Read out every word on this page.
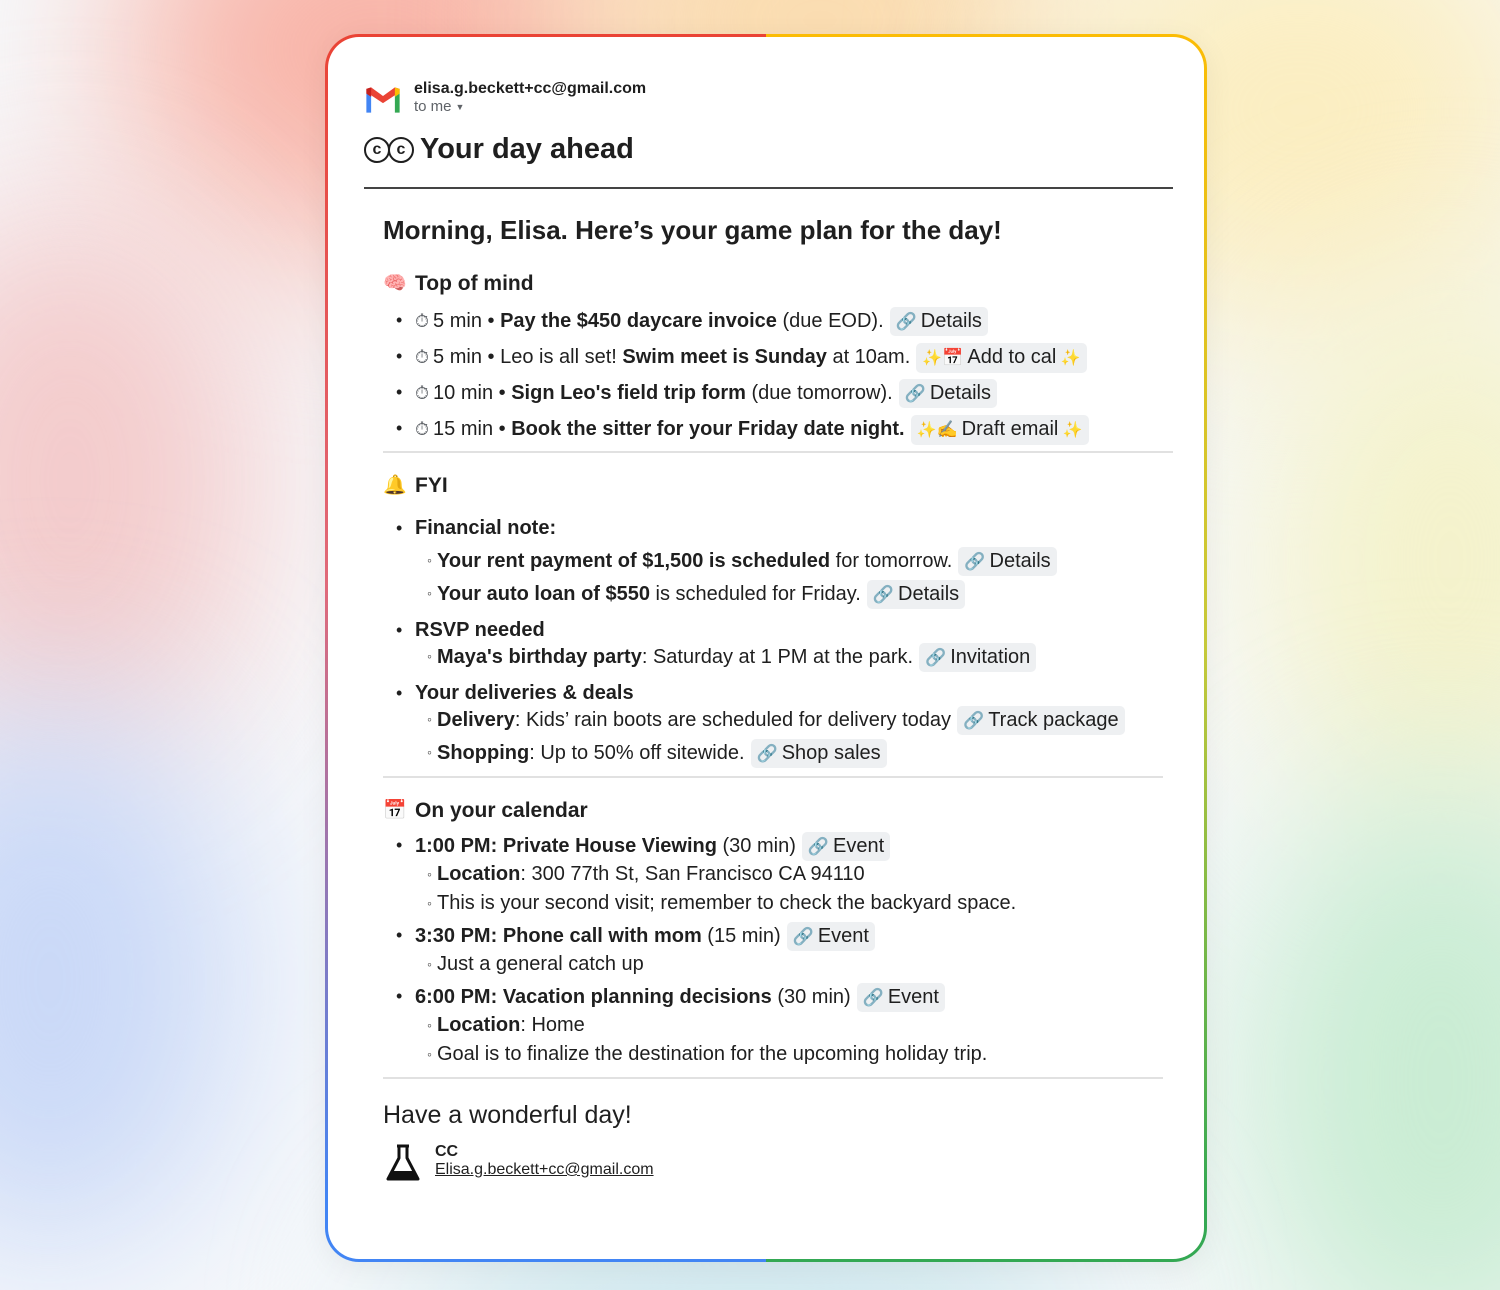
elisa.g.beckett+cc@gmail.com
to me ▼
c c Your day ahead

Morning, Elisa. Here’s your game plan for the day!

🧠 Top of mind
• ⏱ 5 min • Pay the $450 daycare invoice (due EOD). 🔗 Details
• ⏱ 5 min • Leo is all set! Swim meet is Sunday at 10am. ✨📅 Add to cal ✨
• ⏱ 10 min • Sign Leo's field trip form (due tomorrow). 🔗 Details
• ⏱ 15 min • Book the sitter for your Friday date night. ✨✍ Draft email ✨
🔔 FYI
• Financial note:
◦ Your rent payment of $1,500 is scheduled for tomorrow. 🔗 Details
◦ Your auto loan of $550 is scheduled for Friday. 🔗 Details
• RSVP needed
◦ Maya's birthday party: Saturday at 1 PM at the park. 🔗 Invitation
• Your deliveries & deals
◦ Delivery: Kids’ rain boots are scheduled for delivery today 🔗 Track package
◦ Shopping: Up to 50% off sitewide. 🔗 Shop sales
📅 On your calendar
• 1:00 PM: Private House Viewing (30 min) 🔗 Event
◦ Location: 300 77th St, San Francisco CA 94110
◦ This is your second visit; remember to check the backyard space.
• 3:30 PM: Phone call with mom (15 min) 🔗 Event
◦ Just a general catch up
• 6:00 PM: Vacation planning decisions (30 min) 🔗 Event
◦ Location: Home
◦ Goal is to finalize the destination for the upcoming holiday trip.
Have a wonderful day!
CC
Elisa.g.beckett+cc@gmail.com
